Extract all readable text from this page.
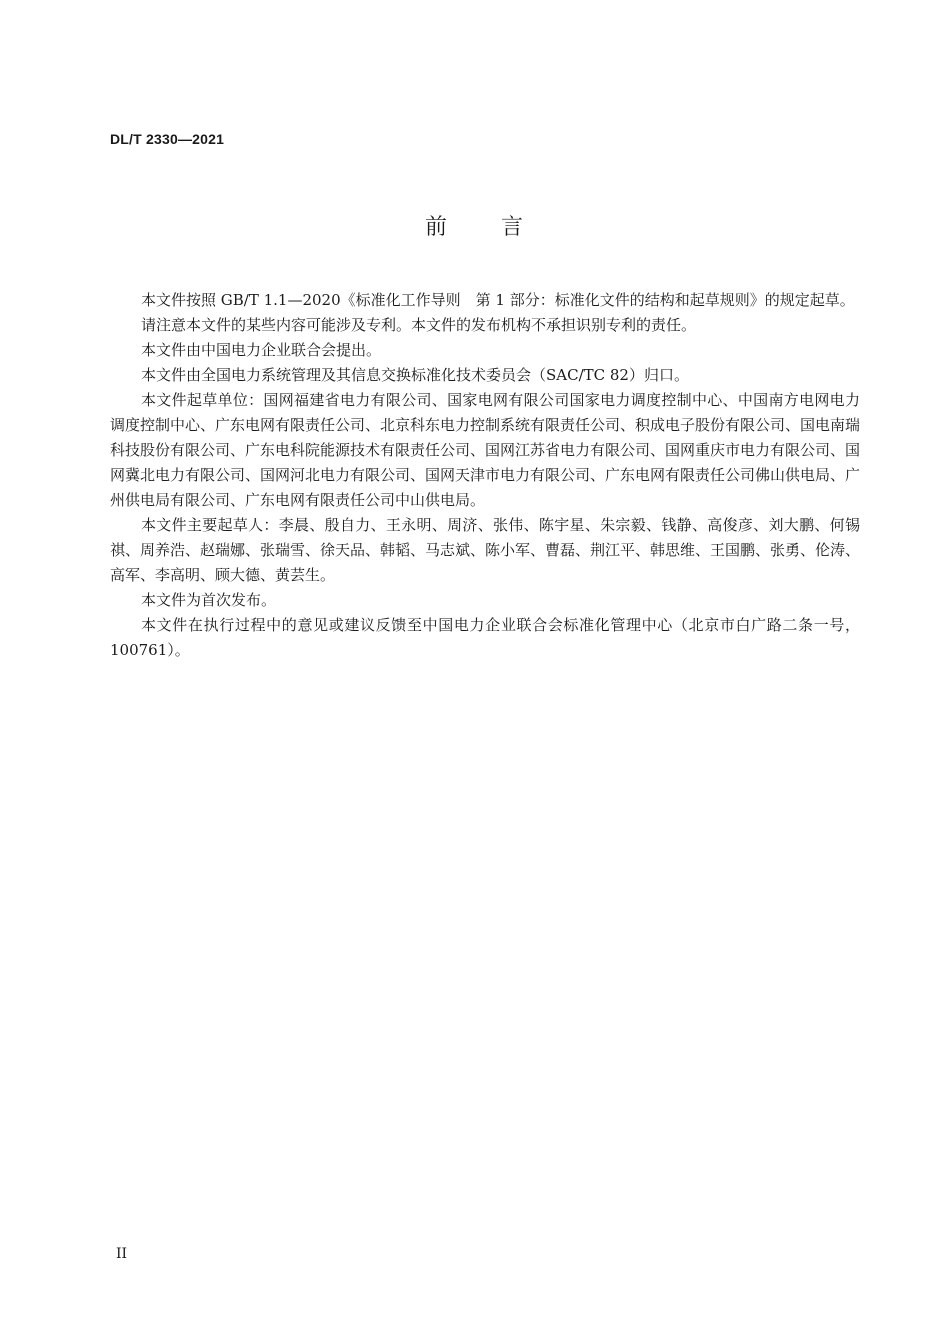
DL/T 2330—2021
前 言

本文件按照 GB/T 1.1—2020《标准化工作导则　第 1 部分：标准化文件的结构和起草规则》的规定起草。

请注意本文件的某些内容可能涉及专利。本文件的发布机构不承担识别专利的责任。

本文件由中国电力企业联合会提出。

本文件由全国电力系统管理及其信息交换标准化技术委员会（SAC/TC 82）归口。

本文件起草单位：国网福建省电力有限公司、国家电网有限公司国家电力调度控制中心、中国南方电网电力调度控制中心、广东电网有限责任公司、北京科东电力控制系统有限责任公司、积成电子股份有限公司、国电南瑞科技股份有限公司、广东电科院能源技术有限责任公司、国网江苏省电力有限公司、国网重庆市电力有限公司、国网冀北电力有限公司、国网河北电力有限公司、国网天津市电力有限公司、广东电网有限责任公司佛山供电局、广州供电局有限公司、广东电网有限责任公司中山供电局。

本文件主要起草人：李晨、殷自力、王永明、周济、张伟、陈宇星、朱宗毅、钱静、高俊彦、刘大鹏、何锡祺、周养浩、赵瑞娜、张瑞雪、徐天品、韩韬、马志斌、陈小军、曹磊、荆江平、韩思维、王国鹏、张勇、伦涛、高军、李高明、顾大德、黄芸生。

本文件为首次发布。

本文件在执行过程中的意见或建议反馈至中国电力企业联合会标准化管理中心（北京市白广路二条一号，100761）。

II
